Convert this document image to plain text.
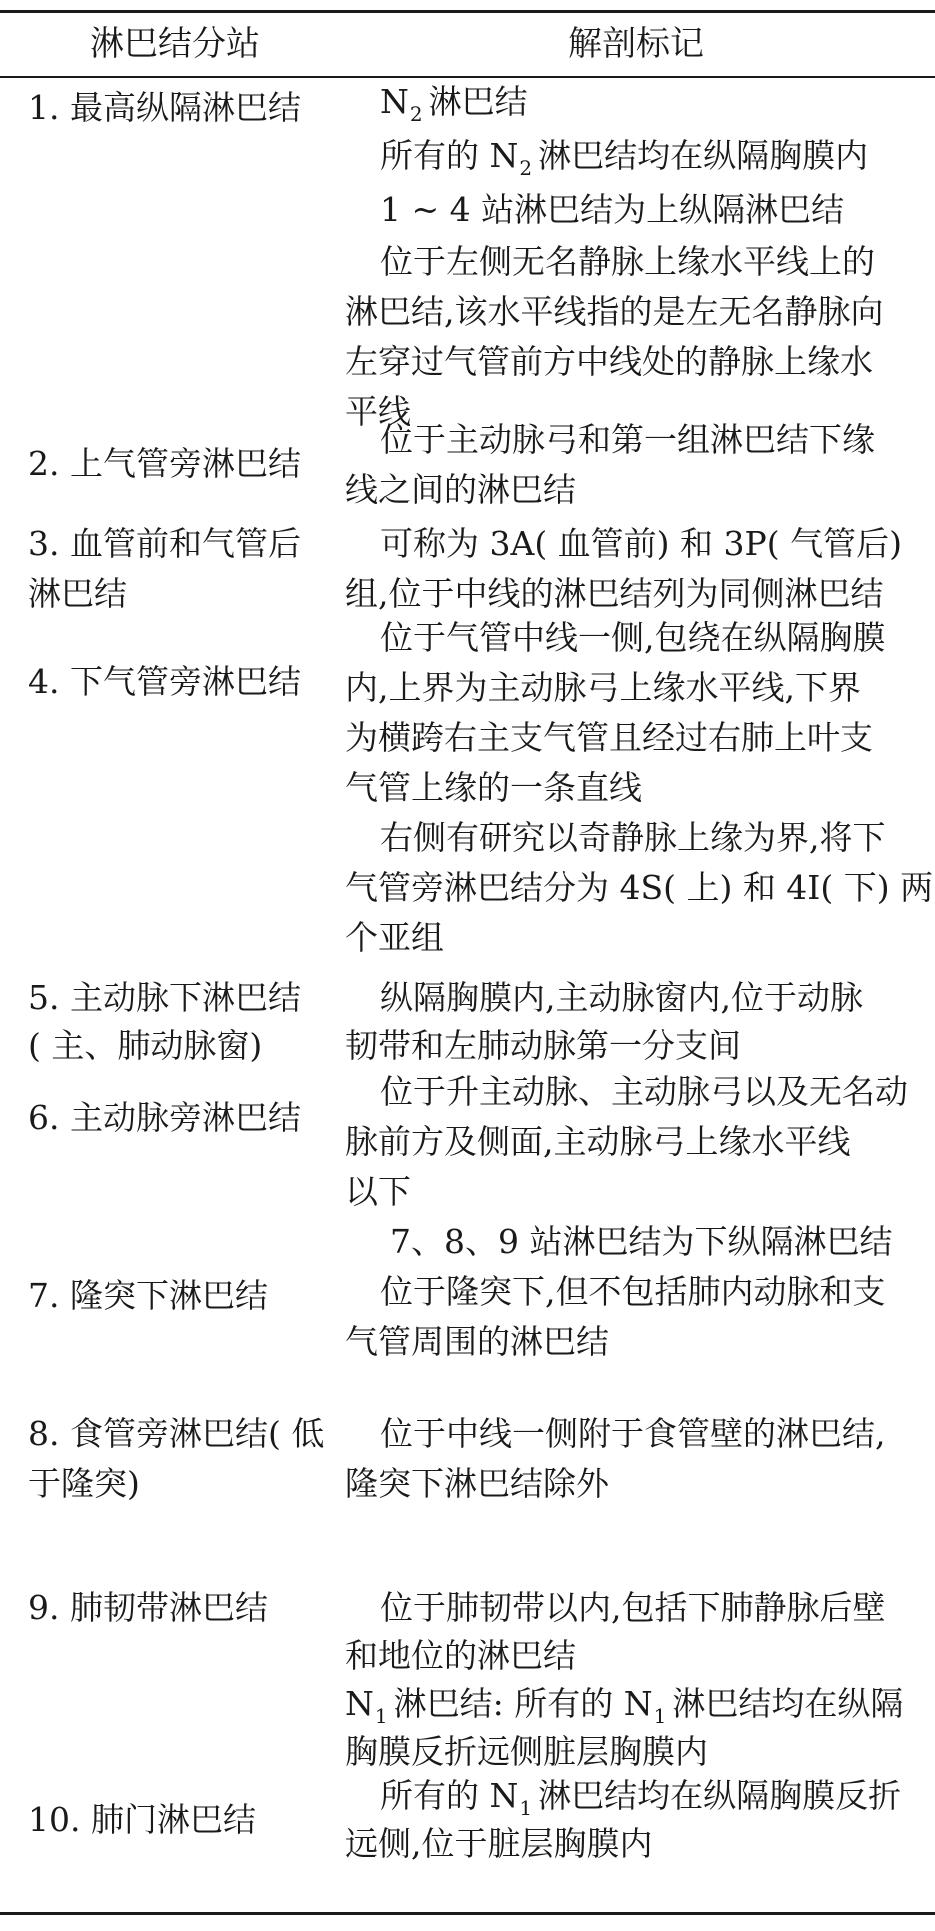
淋巴结分站	解剖标记
1. 最高纵隔淋巴结 $N_2$ 淋巴结
所有的 $N_2$ 淋巴结均在纵隔胸膜内
1 ~ 4 站淋巴结为上纵隔淋巴结
位于左侧无名静脉上缘水平线上的
淋巴结,该水平线指的是左无名静脉向
左穿过气管前方中线处的静脉上缘水
平线
2. 上气管旁淋巴结
位于主动脉弓和第一组淋巴结下缘
线之间的淋巴结
3. 血管前和气管后
淋巴结
可称为 3A( 血管前) 和 3P( 气管后)
组,位于中线的淋巴结列为同侧淋巴结
4. 下气管旁淋巴结
位于气管中线一侧,包绕在纵隔胸膜
内,上界为主动脉弓上缘水平线,下界
为横跨右主支气管且经过右肺上叶支
气管上缘的一条直线
右侧有研究以奇静脉上缘为界,将下
气管旁淋巴结分为 4S( 上) 和 4I( 下) 两
个亚组
5. 主动脉下淋巴结
( 主、肺动脉窗)
纵隔胸膜内,主动脉窗内,位于动脉
韧带和左肺动脉第一分支间
6. 主动脉旁淋巴结
位于升主动脉、主动脉弓以及无名动
脉前方及侧面,主动脉弓上缘水平线
以下
7. 隆突下淋巴结
7、8、9 站淋巴结为下纵隔淋巴结
位于隆突下,但不包括肺内动脉和支
气管周围的淋巴结
8. 食管旁淋巴结( 低
于隆突)
位于中线一侧附于食管壁的淋巴结,
隆突下淋巴结除外
9. 肺韧带淋巴结	位于肺韧带以内,包括下肺静脉后壁
和地位的淋巴结
$N_1$ 淋巴结: 所有的 $N_1$ 淋巴结均在纵隔
胸膜反折远侧脏层胸膜内
10. 肺门淋巴结
所有的 $N_1$ 淋巴结均在纵隔胸膜反折
远侧,位于脏层胸膜内
